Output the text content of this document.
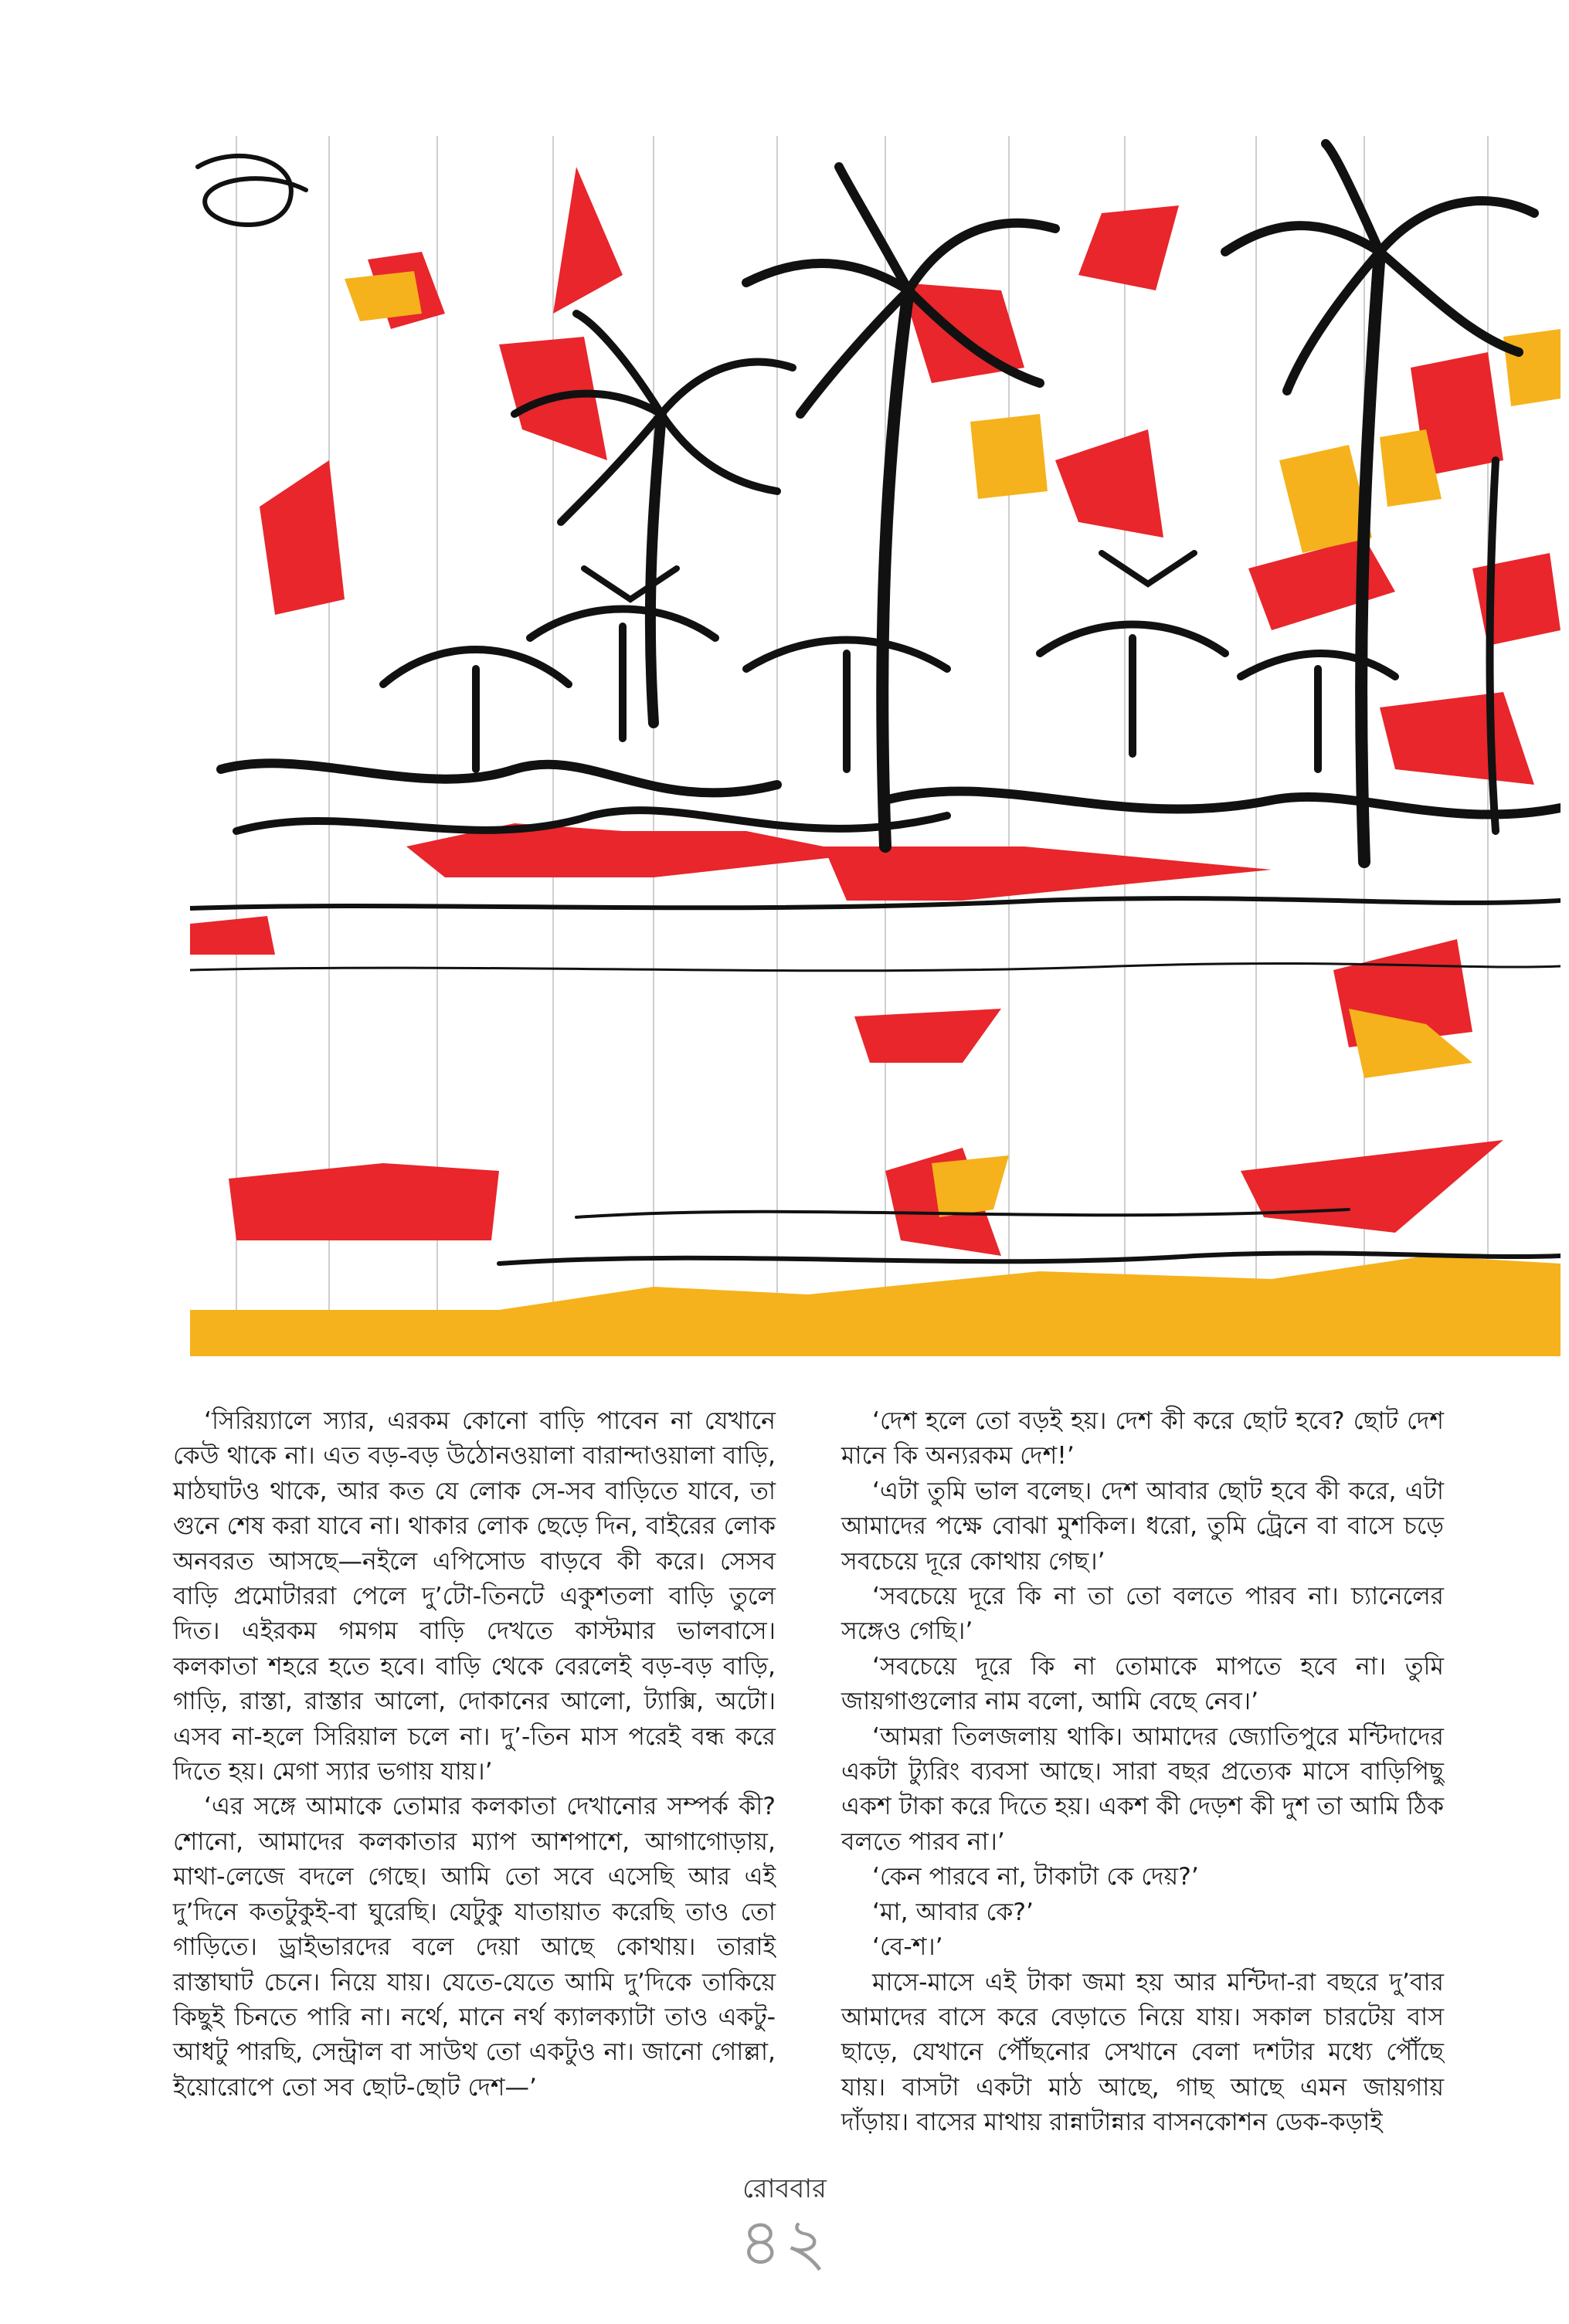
‘সিরিয়্যালে স্যার, এরকম কোনো বাড়ি পাবেন না যেখানে কেউ থাকে না। এত বড়-বড় উঠোনওয়ালা বারান্দাওয়ালা বাড়ি, মাঠঘাটও থাকে, আর কত যে লোক সে-সব বাড়িতে যাবে, তা গুনে শেষ করা যাবে না। থাকার লোক ছেড়ে দিন, বাইরের লোক অনবরত আসছে—নইলে এপিসোড বাড়বে কী করে। সেসব বাড়ি প্রমোটাররা পেলে দু’টো-তিনটে একুশতলা বাড়ি তুলে দিত। এইরকম গমগম বাড়ি দেখতে কাস্টমার ভালবাসে। কলকাতা শহরে হতে হবে। বাড়ি থেকে বেরলেই বড়-বড় বাড়ি, গাড়ি, রাস্তা, রাস্তার আলো, দোকানের আলো, ট্যাক্সি, অটো। এসব না-হলে সিরিয়াল চলে না। দু’-তিন মাস পরেই বন্ধ করে দিতে হয়। মেগা স্যার ভগায় যায়।’

‘এর সঙ্গে আমাকে তোমার কলকাতা দেখানোর সম্পর্ক কী? শোনো, আমাদের কলকাতার ম্যাপ আশপাশে, আগাগোড়ায়, মাথা-লেজে বদলে গেছে। আমি তো সবে এসেছি আর এই দু’দিনে কতটুকুই-বা ঘুরেছি। যেটুকু যাতায়াত করেছি তাও তো গাড়িতে। ড্রাইভারদের বলে দেয়া আছে কোথায়। তারাই রাস্তাঘাট চেনে। নিয়ে যায়। যেতে-যেতে আমি দু’দিকে তাকিয়ে কিছুই চিনতে পারি না। নর্থে, মানে নর্থ ক্যালক্যাটা তাও একটু-আধটু পারছি, সেন্ট্রাল বা সাউথ তো একটুও না। জানো গোল্লা, ইয়োরোপে তো সব ছোট-ছোট দেশ—’

‘দেশ হলে তো বড়ই হয়। দেশ কী করে ছোট হবে? ছোট দেশ মানে কি অন্যরকম দেশ!’

‘এটা তুমি ভাল বলেছ। দেশ আবার ছোট হবে কী করে, এটা আমাদের পক্ষে বোঝা মুশকিল। ধরো, তুমি ট্রেনে বা বাসে চড়ে সবচেয়ে দূরে কোথায় গেছ।’

‘সবচেয়ে দূরে কি না তা তো বলতে পারব না। চ্যানেলের সঙ্গেও গেছি।’

‘সবচেয়ে দূরে কি না তোমাকে মাপতে হবে না। তুমি জায়গাগুলোর নাম বলো, আমি বেছে নেব।’

‘আমরা তিলজলায় থাকি। আমাদের জ্যোতিপুরে মন্টিদাদের একটা ট্যুরিং ব্যবসা আছে। সারা বছর প্রত্যেক মাসে বাড়িপিছু একশ টাকা করে দিতে হয়। একশ কী দেড়শ কী দুশ তা আমি ঠিক বলতে পারব না।’

‘কেন পারবে না, টাকাটা কে দেয়?’

‘মা, আবার কে?’

‘বে-শ।’

মাসে-মাসে এই টাকা জমা হয় আর মন্টিদা-রা বছরে দু’বার আমাদের বাসে করে বেড়াতে নিয়ে যায়। সকাল চারটেয় বাস ছাড়ে, যেখানে পৌঁছনোর সেখানে বেলা দশটার মধ্যে পৌঁছে যায়। বাসটা একটা মাঠ আছে, গাছ আছে এমন জায়গায় দাঁড়ায়। বাসের মাথায় রান্নাটান্নার বাসনকোশন ডেক-কড়াই

রোববার
৪২
